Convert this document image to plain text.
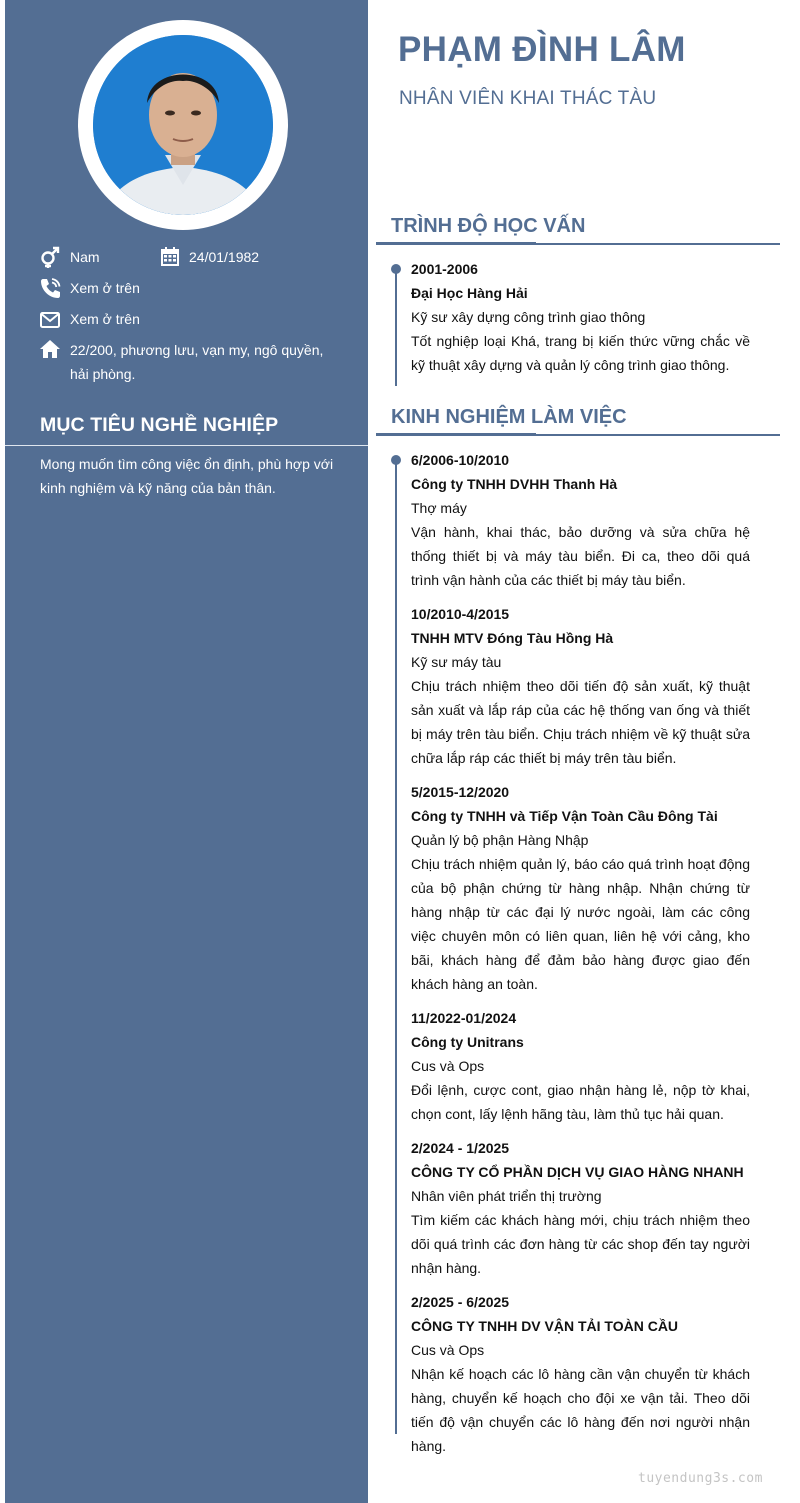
Nam	24/01/1982
Xem ở trên
Xem ở trên
22/200, phương lưu, vạn my, ngô quyền, hải phòng.
MỤC TIÊU NGHỀ NGHIỆP
Mong muốn tìm công việc ổn định, phù hợp với kinh nghiệm và kỹ năng của bản thân.
PHẠM ĐÌNH LÂM
NHÂN VIÊN KHAI THÁC TÀU
TRÌNH ĐỘ HỌC VẤN
2001-2006
Đại Học Hàng Hải
Kỹ sư xây dựng công trình giao thông
Tốt nghiệp loại Khá, trang bị kiến thức vững chắc về kỹ thuật xây dựng và quản lý công trình giao thông.
KINH NGHIỆM LÀM VIỆC
6/2006-10/2010
Công ty TNHH DVHH Thanh Hà
Thợ máy
Vận hành, khai thác, bảo dưỡng và sửa chữa hệ thống thiết bị và máy tàu biển. Đi ca, theo dõi quá trình vận hành của các thiết bị máy tàu biển.
10/2010-4/2015
TNHH MTV Đóng Tàu Hồng Hà
Kỹ sư máy tàu
Chịu trách nhiệm theo dõi tiến độ sản xuất, kỹ thuật sản xuất và lắp ráp của các hệ thống van ống và thiết bị máy trên tàu biển. Chịu trách nhiệm về kỹ thuật sửa chữa lắp ráp các thiết bị máy trên tàu biển.
5/2015-12/2020
Công ty TNHH và Tiếp Vận Toàn Cầu Đông Tài
Quản lý bộ phận Hàng Nhập
Chịu trách nhiệm quản lý, báo cáo quá trình hoạt động của bộ phận chứng từ hàng nhập. Nhận chứng từ hàng nhập từ các đại lý nước ngoài, làm các công việc chuyên môn có liên quan, liên hệ với cảng, kho bãi, khách hàng để đảm bảo hàng được giao đến khách hàng an toàn.
11/2022-01/2024
Công ty Unitrans
Cus và Ops
Đổi lệnh, cược cont, giao nhận hàng lẻ, nộp tờ khai, chọn cont, lấy lệnh hãng tàu, làm thủ tục hải quan.
2/2024 - 1/2025
CÔNG TY CỔ PHẦN DỊCH VỤ GIAO HÀNG NHANH
Nhân viên phát triển thị trường
Tìm kiếm các khách hàng mới, chịu trách nhiệm theo dõi quá trình các đơn hàng từ các shop đến tay người nhận hàng.
2/2025 - 6/2025
CÔNG TY TNHH DV VẬN TẢI TOÀN CẦU
Cus và Ops
Nhận kế hoạch các lô hàng cần vận chuyển từ khách hàng, chuyển kế hoạch cho đội xe vận tải. Theo dõi tiến độ vận chuyển các lô hàng đến nơi người nhận hàng.
tuyendung3s.com
